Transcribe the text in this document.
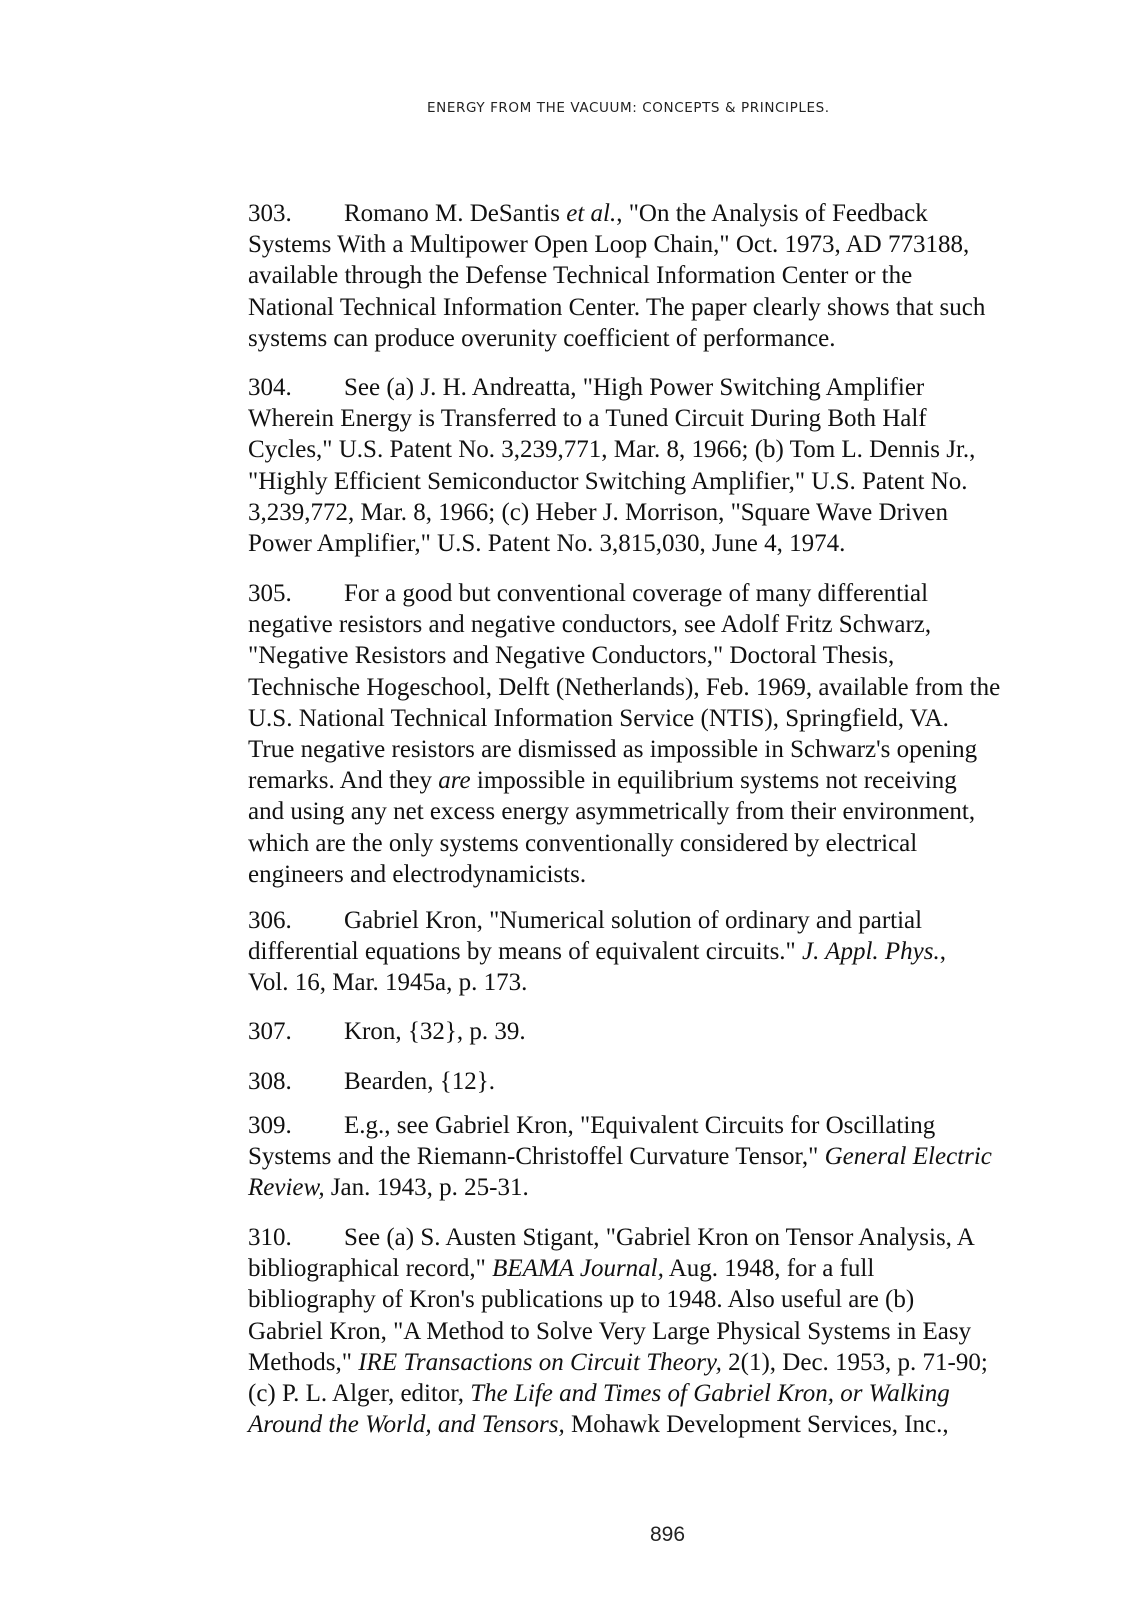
ENERGY FROM THE VACUUM: CONCEPTS & PRINCIPLES.
303. Romano M. DeSantis et al., "On the Analysis of Feedback
Systems With a Multipower Open Loop Chain," Oct. 1973, AD 773188,
available through the Defense Technical Information Center or the
National Technical Information Center. The paper clearly shows that such
systems can produce overunity coefficient of performance.
304. See (a) J. H. Andreatta, "High Power Switching Amplifier
Wherein Energy is Transferred to a Tuned Circuit During Both Half
Cycles," U.S. Patent No. 3,239,771, Mar. 8, 1966; (b) Tom L. Dennis Jr.,
"Highly Efficient Semiconductor Switching Amplifier," U.S. Patent No.
3,239,772, Mar. 8, 1966; (c) Heber J. Morrison, "Square Wave Driven
Power Amplifier," U.S. Patent No. 3,815,030, June 4, 1974.
305. For a good but conventional coverage of many differential
negative resistors and negative conductors, see Adolf Fritz Schwarz,
"Negative Resistors and Negative Conductors," Doctoral Thesis,
Technische Hogeschool, Delft (Netherlands), Feb. 1969, available from the
U.S. National Technical Information Service (NTIS), Springfield, VA.
True negative resistors are dismissed as impossible in Schwarz's opening
remarks. And they are impossible in equilibrium systems not receiving
and using any net excess energy asymmetrically from their environment,
which are the only systems conventionally considered by electrical
engineers and electrodynamicists.
306. Gabriel Kron, "Numerical solution of ordinary and partial
differential equations by means of equivalent circuits." J. Appl. Phys.,
Vol. 16, Mar. 1945a, p. 173.
307. Kron, {32}, p. 39.
308. Bearden, {12}.
309. E.g., see Gabriel Kron, "Equivalent Circuits for Oscillating
Systems and the Riemann-Christoffel Curvature Tensor," General Electric
Review, Jan. 1943, p. 25-31.
310. See (a) S. Austen Stigant, "Gabriel Kron on Tensor Analysis, A
bibliographical record," BEAMA Journal, Aug. 1948, for a full
bibliography of Kron's publications up to 1948. Also useful are (b)
Gabriel Kron, "A Method to Solve Very Large Physical Systems in Easy
Methods," IRE Transactions on Circuit Theory, 2(1), Dec. 1953, p. 71-90;
(c) P. L. Alger, editor, The Life and Times of Gabriel Kron, or Walking
Around the World, and Tensors, Mohawk Development Services, Inc.,
896
